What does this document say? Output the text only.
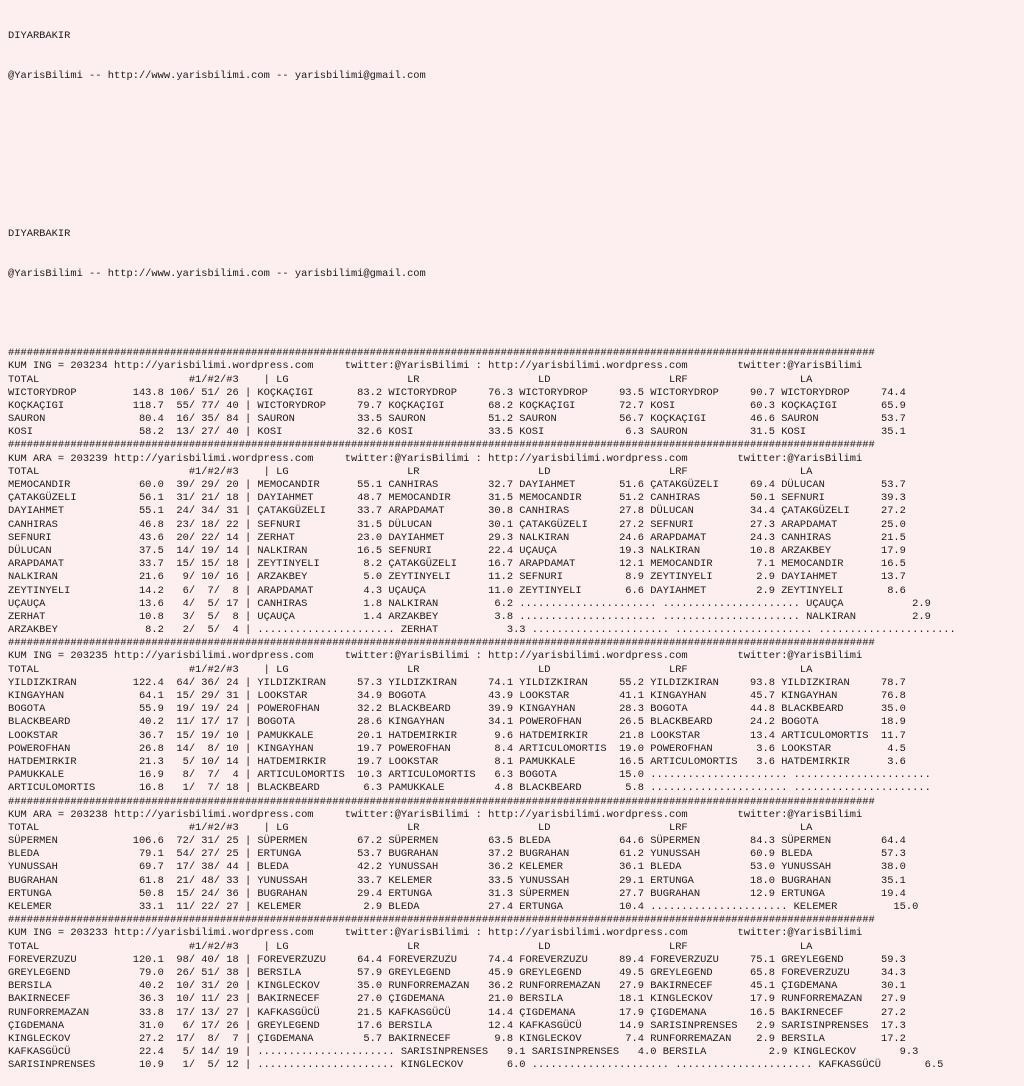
DIYARBAKIR

@YarisBilimi -- http://www.yarisbilimi.com -- yarisbilimi@gmail.com

DIYARBAKIR

@YarisBilimi -- http://www.yarisbilimi.com -- yarisbilimi@gmail.com

###########################################################################################################################################
KUM ING = 203234 http://yarisbilimi.wordpress.com     twitter:@YarisBilimi : http://yarisbilimi.wordpress.com        twitter:@YarisBilimi
TOTAL                        #1/#2/#3    | LG                   LR                   LD                   LRF                  LA
WICTORYDROP         143.8 106/ 51/ 26 | KOÇKAÇIGI       83.2 WICTORYDROP     76.3 WICTORYDROP     93.5 WICTORYDROP     90.7 WICTORYDROP     74.4
KOÇKAÇIGI           118.7  55/ 77/ 40 | WICTORYDROP     79.7 KOÇKAÇIGI       68.2 KOÇKAÇIGI       72.7 KOSI            60.3 KOÇKAÇIGI       65.9
SAURON               80.4  16/ 35/ 84 | SAURON          33.5 SAURON          51.2 SAURON          56.7 KOÇKAÇIGI       46.6 SAURON          53.7
KOSI                 58.2  13/ 27/ 40 | KOSI            32.6 KOSI            33.5 KOSI             6.3 SAURON          31.5 KOSI            35.1
###########################################################################################################################################
KUM ARA = 203239 http://yarisbilimi.wordpress.com     twitter:@YarisBilimi : http://yarisbilimi.wordpress.com        twitter:@YarisBilimi
TOTAL                        #1/#2/#3    | LG                   LR                   LD                   LRF                  LA
MEMOCANDIR           60.0  39/ 29/ 20 | MEMOCANDIR      55.1 CANHIRAS        32.7 DAYIAHMET       51.6 ÇATAKGÜZELI     69.4 DÜLUCAN         53.7
ÇATAKGÜZELI          56.1  31/ 21/ 18 | DAYIAHMET       48.7 MEMOCANDIR      31.5 MEMOCANDIR      51.2 CANHIRAS        50.1 SEFNURI         39.3
DAYIAHMET            55.1  24/ 34/ 31 | ÇATAKGÜZELI     33.7 ARAPDAMAT       30.8 CANHIRAS        27.8 DÜLUCAN         34.4 ÇATAKGÜZELI     27.2
CANHIRAS             46.8  23/ 18/ 22 | SEFNURI         31.5 DÜLUCAN         30.1 ÇATAKGÜZELI     27.2 SEFNURI         27.3 ARAPDAMAT       25.0
SEFNURI              43.6  20/ 22/ 14 | ZERHAT          23.0 DAYIAHMET       29.3 NALKIRAN        24.6 ARAPDAMAT       24.3 CANHIRAS        21.5
DÜLUCAN              37.5  14/ 19/ 14 | NALKIRAN        16.5 SEFNURI         22.4 UÇAUÇA          19.3 NALKIRAN        10.8 ARZAKBEY        17.9
ARAPDAMAT            33.7  15/ 15/ 18 | ZEYTINYELI       8.2 ÇATAKGÜZELI     16.7 ARAPDAMAT       12.1 MEMOCANDIR       7.1 MEMOCANDIR      16.5
NALKIRAN             21.6   9/ 10/ 16 | ARZAKBEY         5.0 ZEYTINYELI      11.2 SEFNURI          8.9 ZEYTINYELI       2.9 DAYIAHMET       13.7
ZEYTINYELI           14.2   6/  7/  8 | ARAPDAMAT        4.3 UÇAUÇA          11.0 ZEYTINYELI       6.6 DAYIAHMET        2.9 ZEYTINYELI       8.6
UÇAUÇA               13.6   4/  5/ 17 | CANHIRAS         1.8 NALKIRAN         6.2 ...................... ...................... UÇAUÇA           2.9
ZERHAT               10.8   3/  5/  8 | UÇAUÇA           1.4 ARZAKBEY         3.8 ...................... ...................... NALKIRAN         2.9
ARZAKBEY              8.2   2/  5/  4 | ...................... ZERHAT           3.3 ...................... ...................... ......................
###########################################################################################################################################
KUM ING = 203235 http://yarisbilimi.wordpress.com     twitter:@YarisBilimi : http://yarisbilimi.wordpress.com        twitter:@YarisBilimi
TOTAL                        #1/#2/#3    | LG                   LR                   LD                   LRF                  LA
YILDIZKIRAN         122.4  64/ 36/ 24 | YILDIZKIRAN     57.3 YILDIZKIRAN     74.1 YILDIZKIRAN     55.2 YILDIZKIRAN     93.8 YILDIZKIRAN     78.7
KINGAYHAN            64.1  15/ 29/ 31 | LOOKSTAR        34.9 BOGOTA          43.9 LOOKSTAR        41.1 KINGAYHAN       45.7 KINGAYHAN       76.8
BOGOTA               55.9  19/ 19/ 24 | POWEROFHAN      32.2 BLACKBEARD      39.9 KINGAYHAN       28.3 BOGOTA          44.8 BLACKBEARD      35.0
BLACKBEARD           40.2  11/ 17/ 17 | BOGOTA          28.6 KINGAYHAN       34.1 POWEROFHAN      26.5 BLACKBEARD      24.2 BOGOTA          18.9
LOOKSTAR             36.7  15/ 19/ 10 | PAMUKKALE       20.1 HATDEMIRKIR      9.6 HATDEMIRKIR     21.8 LOOKSTAR        13.4 ARTICULOMORTIS  11.7
POWEROFHAN           26.8  14/  8/ 10 | KINGAYHAN       19.7 POWEROFHAN       8.4 ARTICULOMORTIS  19.0 POWEROFHAN       3.6 LOOKSTAR         4.5
HATDEMIRKIR          21.3   5/ 10/ 14 | HATDEMIRKIR     19.7 LOOKSTAR         8.1 PAMUKKALE       16.5 ARTICULOMORTIS   3.6 HATDEMIRKIR      3.6
PAMUKKALE            16.9   8/  7/  4 | ARTICULOMORTIS  10.3 ARTICULOMORTIS   6.3 BOGOTA          15.0 ...................... ......................
ARTICULOMORTIS       16.8   1/  7/ 18 | BLACKBEARD       6.3 PAMUKKALE        4.8 BLACKBEARD       5.8 ...................... ......................
###########################################################################################################################################
KUM ARA = 203238 http://yarisbilimi.wordpress.com     twitter:@YarisBilimi : http://yarisbilimi.wordpress.com        twitter:@YarisBilimi
TOTAL                        #1/#2/#3    | LG                   LR                   LD                   LRF                  LA
SÜPERMEN            106.6  72/ 31/ 25 | SÜPERMEN        67.2 SÜPERMEN        63.5 BLEDA           64.6 SÜPERMEN        84.3 SÜPERMEN        64.4
BLEDA                79.1  54/ 27/ 25 | ERTUNGA         53.7 BUGRAHAN        37.2 BUGRAHAN        61.2 YUNUSSAH        60.9 BLEDA           57.3
YUNUSSAH             69.7  17/ 38/ 44 | BLEDA           42.2 YUNUSSAH        36.2 KELEMER         36.1 BLEDA           53.0 YUNUSSAH        38.0
BUGRAHAN             61.8  21/ 48/ 33 | YUNUSSAH        33.7 KELEMER         33.5 YUNUSSAH        29.1 ERTUNGA         18.0 BUGRAHAN        35.1
ERTUNGA              50.8  15/ 24/ 36 | BUGRAHAN        29.4 ERTUNGA         31.3 SÜPERMEN        27.7 BUGRAHAN        12.9 ERTUNGA         19.4
KELEMER              33.1  11/ 22/ 27 | KELEMER          2.9 BLEDA           27.4 ERTUNGA         10.4 ...................... KELEMER         15.0
###########################################################################################################################################
KUM ING = 203233 http://yarisbilimi.wordpress.com     twitter:@YarisBilimi : http://yarisbilimi.wordpress.com        twitter:@YarisBilimi
TOTAL                        #1/#2/#3    | LG                   LR                   LD                   LRF                  LA
FOREVERZUZU         120.1  98/ 40/ 18 | FOREVERZUZU     64.4 FOREVERZUZU     74.4 FOREVERZUZU     89.4 FOREVERZUZU     75.1 GREYLEGEND      59.3
GREYLEGEND           79.0  26/ 51/ 38 | BERSILA         57.9 GREYLEGEND      45.9 GREYLEGEND      49.5 GREYLEGEND      65.8 FOREVERZUZU     34.3
BERSILA              40.2  10/ 31/ 20 | KINGLECKOV      35.0 RUNFORREMAZAN   36.2 RUNFORREMAZAN   27.9 BAKIRNECEF      45.1 ÇIGDEMANA       30.1
BAKIRNECEF           36.3  10/ 11/ 23 | BAKIRNECEF      27.0 ÇIGDEMANA       21.0 BERSILA         18.1 KINGLECKOV      17.9 RUNFORREMAZAN   27.9
RUNFORREMAZAN        33.8  17/ 13/ 27 | KAFKASGÜCÜ      21.5 KAFKASGÜCÜ      14.4 ÇIGDEMANA       17.9 ÇIGDEMANA       16.5 BAKIRNECEF      27.2
ÇIGDEMANA            31.0   6/ 17/ 26 | GREYLEGEND      17.6 BERSILA         12.4 KAFKASGÜCÜ      14.9 SARISINPRENSES   2.9 SARISINPRENSES  17.3
KINGLECKOV           27.2  17/  8/  7 | ÇIGDEMANA        5.7 BAKIRNECEF       9.8 KINGLECKOV       7.4 RUNFORREMAZAN    2.9 BERSILA         17.2
KAFKASGÜCÜ           22.4   5/ 14/ 19 | ...................... SARISINPRENSES   9.1 SARISINPRENSES   4.0 BERSILA          2.9 KINGLECKOV       9.3
SARISINPRENSES       10.9   1/  5/ 12 | ...................... KINGLECKOV       6.0 ...................... ...................... KAFKASGÜCÜ       6.5
